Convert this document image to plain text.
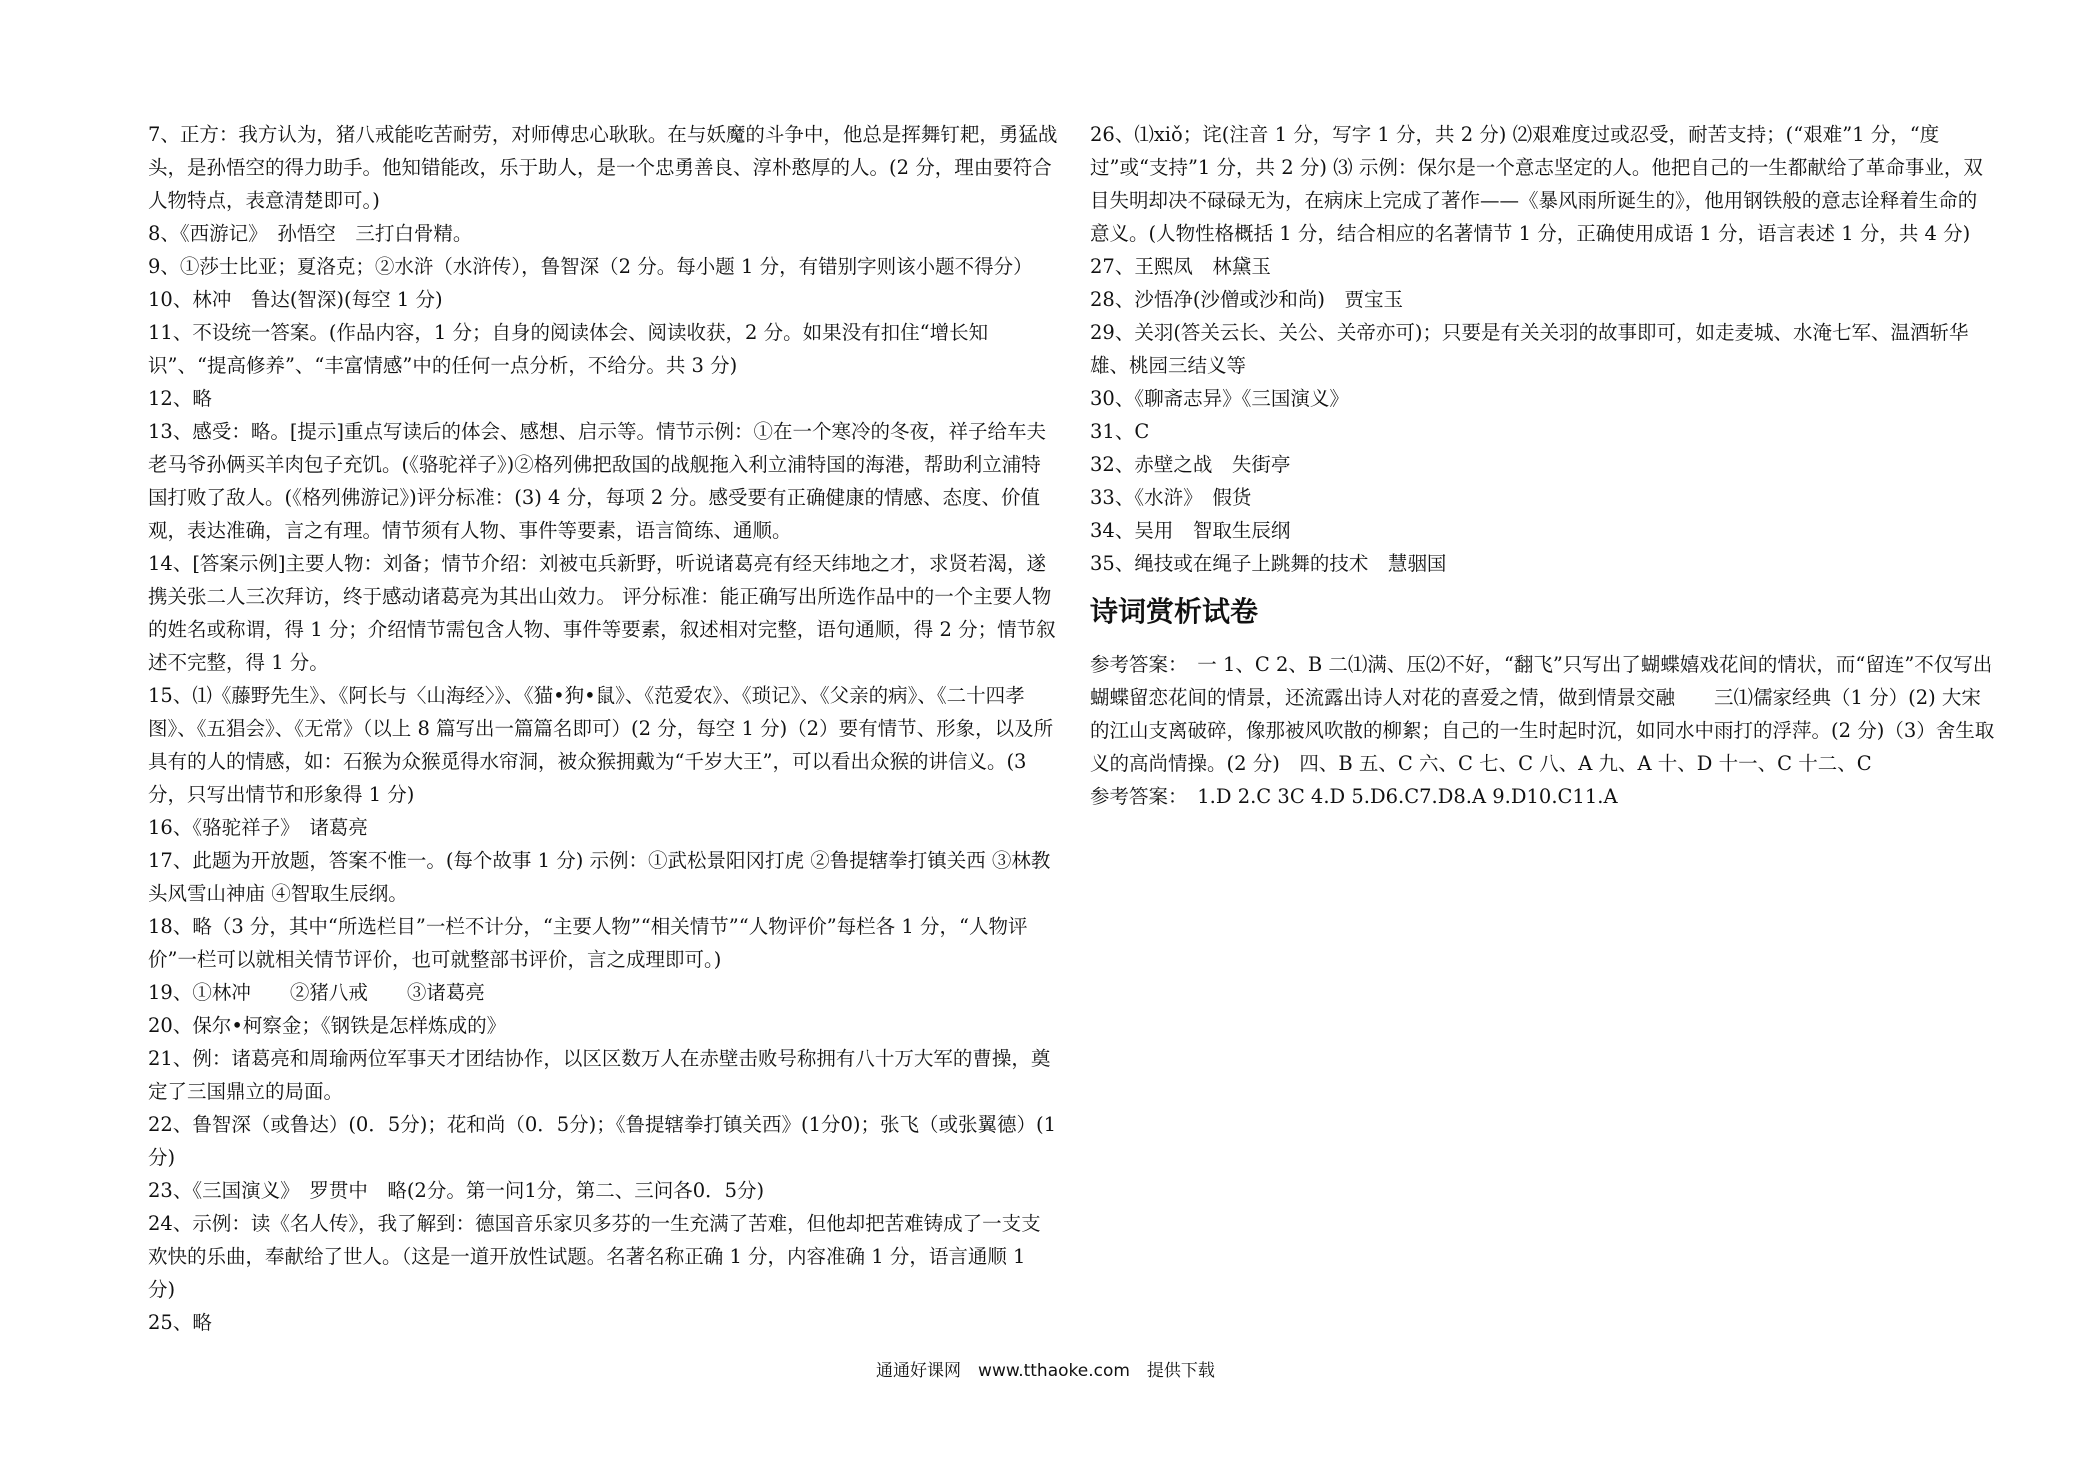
7、正方：我方认为，猪八戒能吃苦耐劳，对师傅忠心耿耿。在与妖魔的斗争中，他总是挥舞钉耙，勇猛战头，是孙悟空的得力助手。他知错能改，乐于助人，是一个忠勇善良、淳朴憨厚的人。(2 分，理由要符合人物特点，表意清楚即可。)

8、《西游记》　孙悟空　三打白骨精。

9、①莎士比亚；夏洛克；②水浒（水浒传），鲁智深（2 分。每小题 1 分，有错别字则该小题不得分）

10、林冲　鲁达(智深)(每空 1 分)

11、不设统一答案。(作品内容，1 分；自身的阅读体会、阅读收获，2 分。如果没有扣住“增长知识”、“提高修养”、“丰富情感”中的任何一点分析，不给分。共 3 分)

12、略

13、感受：略。[提示]重点写读后的体会、感想、启示等。情节示例：①在一个寒冷的冬夜，祥子给车夫老马爷孙俩买羊肉包子充饥。(《骆驼祥子》)②格列佛把敌国的战舰拖入利立浦特国的海港，帮助利立浦特国打败了敌人。(《格列佛游记》)评分标准：(3) 4 分，每项 2 分。感受要有正确健康的情感、态度、价值观，表达准确，言之有理。情节须有人物、事件等要素，语言简练、通顺。

14、[答案示例]主要人物：刘备；情节介绍：刘被屯兵新野，听说诸葛亮有经天纬地之才，求贤若渴，遂携关张二人三次拜访，终于感动诸葛亮为其出山效力。 评分标准：能正确写出所选作品中的一个主要人物的姓名或称谓，得 1 分；介绍情节需包含人物、事件等要素，叙述相对完整，语句通顺，得 2 分；情节叙述不完整，得 1 分。

15、⑴《藤野先生》、《阿长与〈山海经〉》、《猫•狗•鼠》、《范爱农》、《琐记》、《父亲的病》、《二十四孝图》、《五猖会》、《无常》（以上 8 篇写出一篇篇名即可）(2 分，每空 1 分)（2）要有情节、形象，以及所具有的人的情感，如：石猴为众猴觅得水帘洞，被众猴拥戴为“千岁大王”，可以看出众猴的讲信义。(3 分，只写出情节和形象得 1 分)

16、《骆驼祥子》　诸葛亮

17、此题为开放题，答案不惟一。(每个故事 1 分) 示例：①武松景阳冈打虎 ②鲁提辖拳打镇关西 ③林教头风雪山神庙 ④智取生辰纲。

18、略（3 分，其中“所选栏目”一栏不计分，“主要人物”“相关情节”“人物评价”每栏各 1 分，“人物评价”一栏可以就相关情节评价，也可就整部书评价，言之成理即可。)

19、①林冲　　②猪八戒　　③诸葛亮

20、保尔•柯察金；《钢铁是怎样炼成的》

21、例：诸葛亮和周瑜两位军事天才团结协作，以区区数万人在赤壁击败号称拥有八十万大军的曹操，奠定了三国鼎立的局面。

22、鲁智深（或鲁达）(0．5分)；花和尚（0．5分)；《鲁提辖拳打镇关西》(1分0)；张飞（或张翼德）(1分)

23、《三国演义》　罗贯中　略(2分。第一问1分，第二、三问各0．5分)

24、示例：读《名人传》，我了解到：德国音乐家贝多芬的一生充满了苦难，但他却把苦难铸成了一支支欢快的乐曲，奉献给了世人。（这是一道开放性试题。名著名称正确 1 分，内容准确 1 分，语言通顺 1 分)

25、略

26、⑴xiǒ；诧(注音 1 分，写字 1 分，共 2 分) ⑵艰难度过或忍受，耐苦支持；(“艰难”1 分，“度过”或“支持”1 分，共 2 分) ⑶ 示例：保尔是一个意志坚定的人。他把自己的一生都献给了革命事业，双目失明却决不碌碌无为，在病床上完成了著作——《暴风雨所诞生的》，他用钢铁般的意志诠释着生命的意义。(人物性格概括 1 分，结合相应的名著情节 1 分，正确使用成语 1 分，语言表述 1 分，共 4 分)

27、王熙凤　林黛玉

28、沙悟净(沙僧或沙和尚)　贾宝玉

29、关羽(答关云长、关公、关帝亦可)；只要是有关关羽的故事即可，如走麦城、水淹七军、温酒斩华雄、桃园三结义等

30、《聊斋志异》《三国演义》

31、C

32、赤壁之战　失街亭

33、《水浒》　假货

34、吴用　智取生辰纲

35、绳技或在绳子上跳舞的技术　慧骃国

诗词赏析试卷

参考答案：　一 1、C 2、B 二⑴满、压⑵不好，“翻飞”只写出了蝴蝶嬉戏花间的情状，而“留连”不仅写出蝴蝶留恋花间的情景，还流露出诗人对花的喜爱之情，做到情景交融　　三⑴儒家经典（1 分）(2) 大宋的江山支离破碎，像那被风吹散的柳絮；自己的一生时起时沉，如同水中雨打的浮萍。(2 分)（3）舍生取义的高尚情操。(2 分)　四、B 五、C 六、C 七、C 八、A 九、A 十、D 十一、C 十二、C

参考答案：　1.D 2.C 3C 4.D 5.D6.C7.D8.A 9.D10.C11.A

通通好课网　www.tthaoke.com　提供下载
